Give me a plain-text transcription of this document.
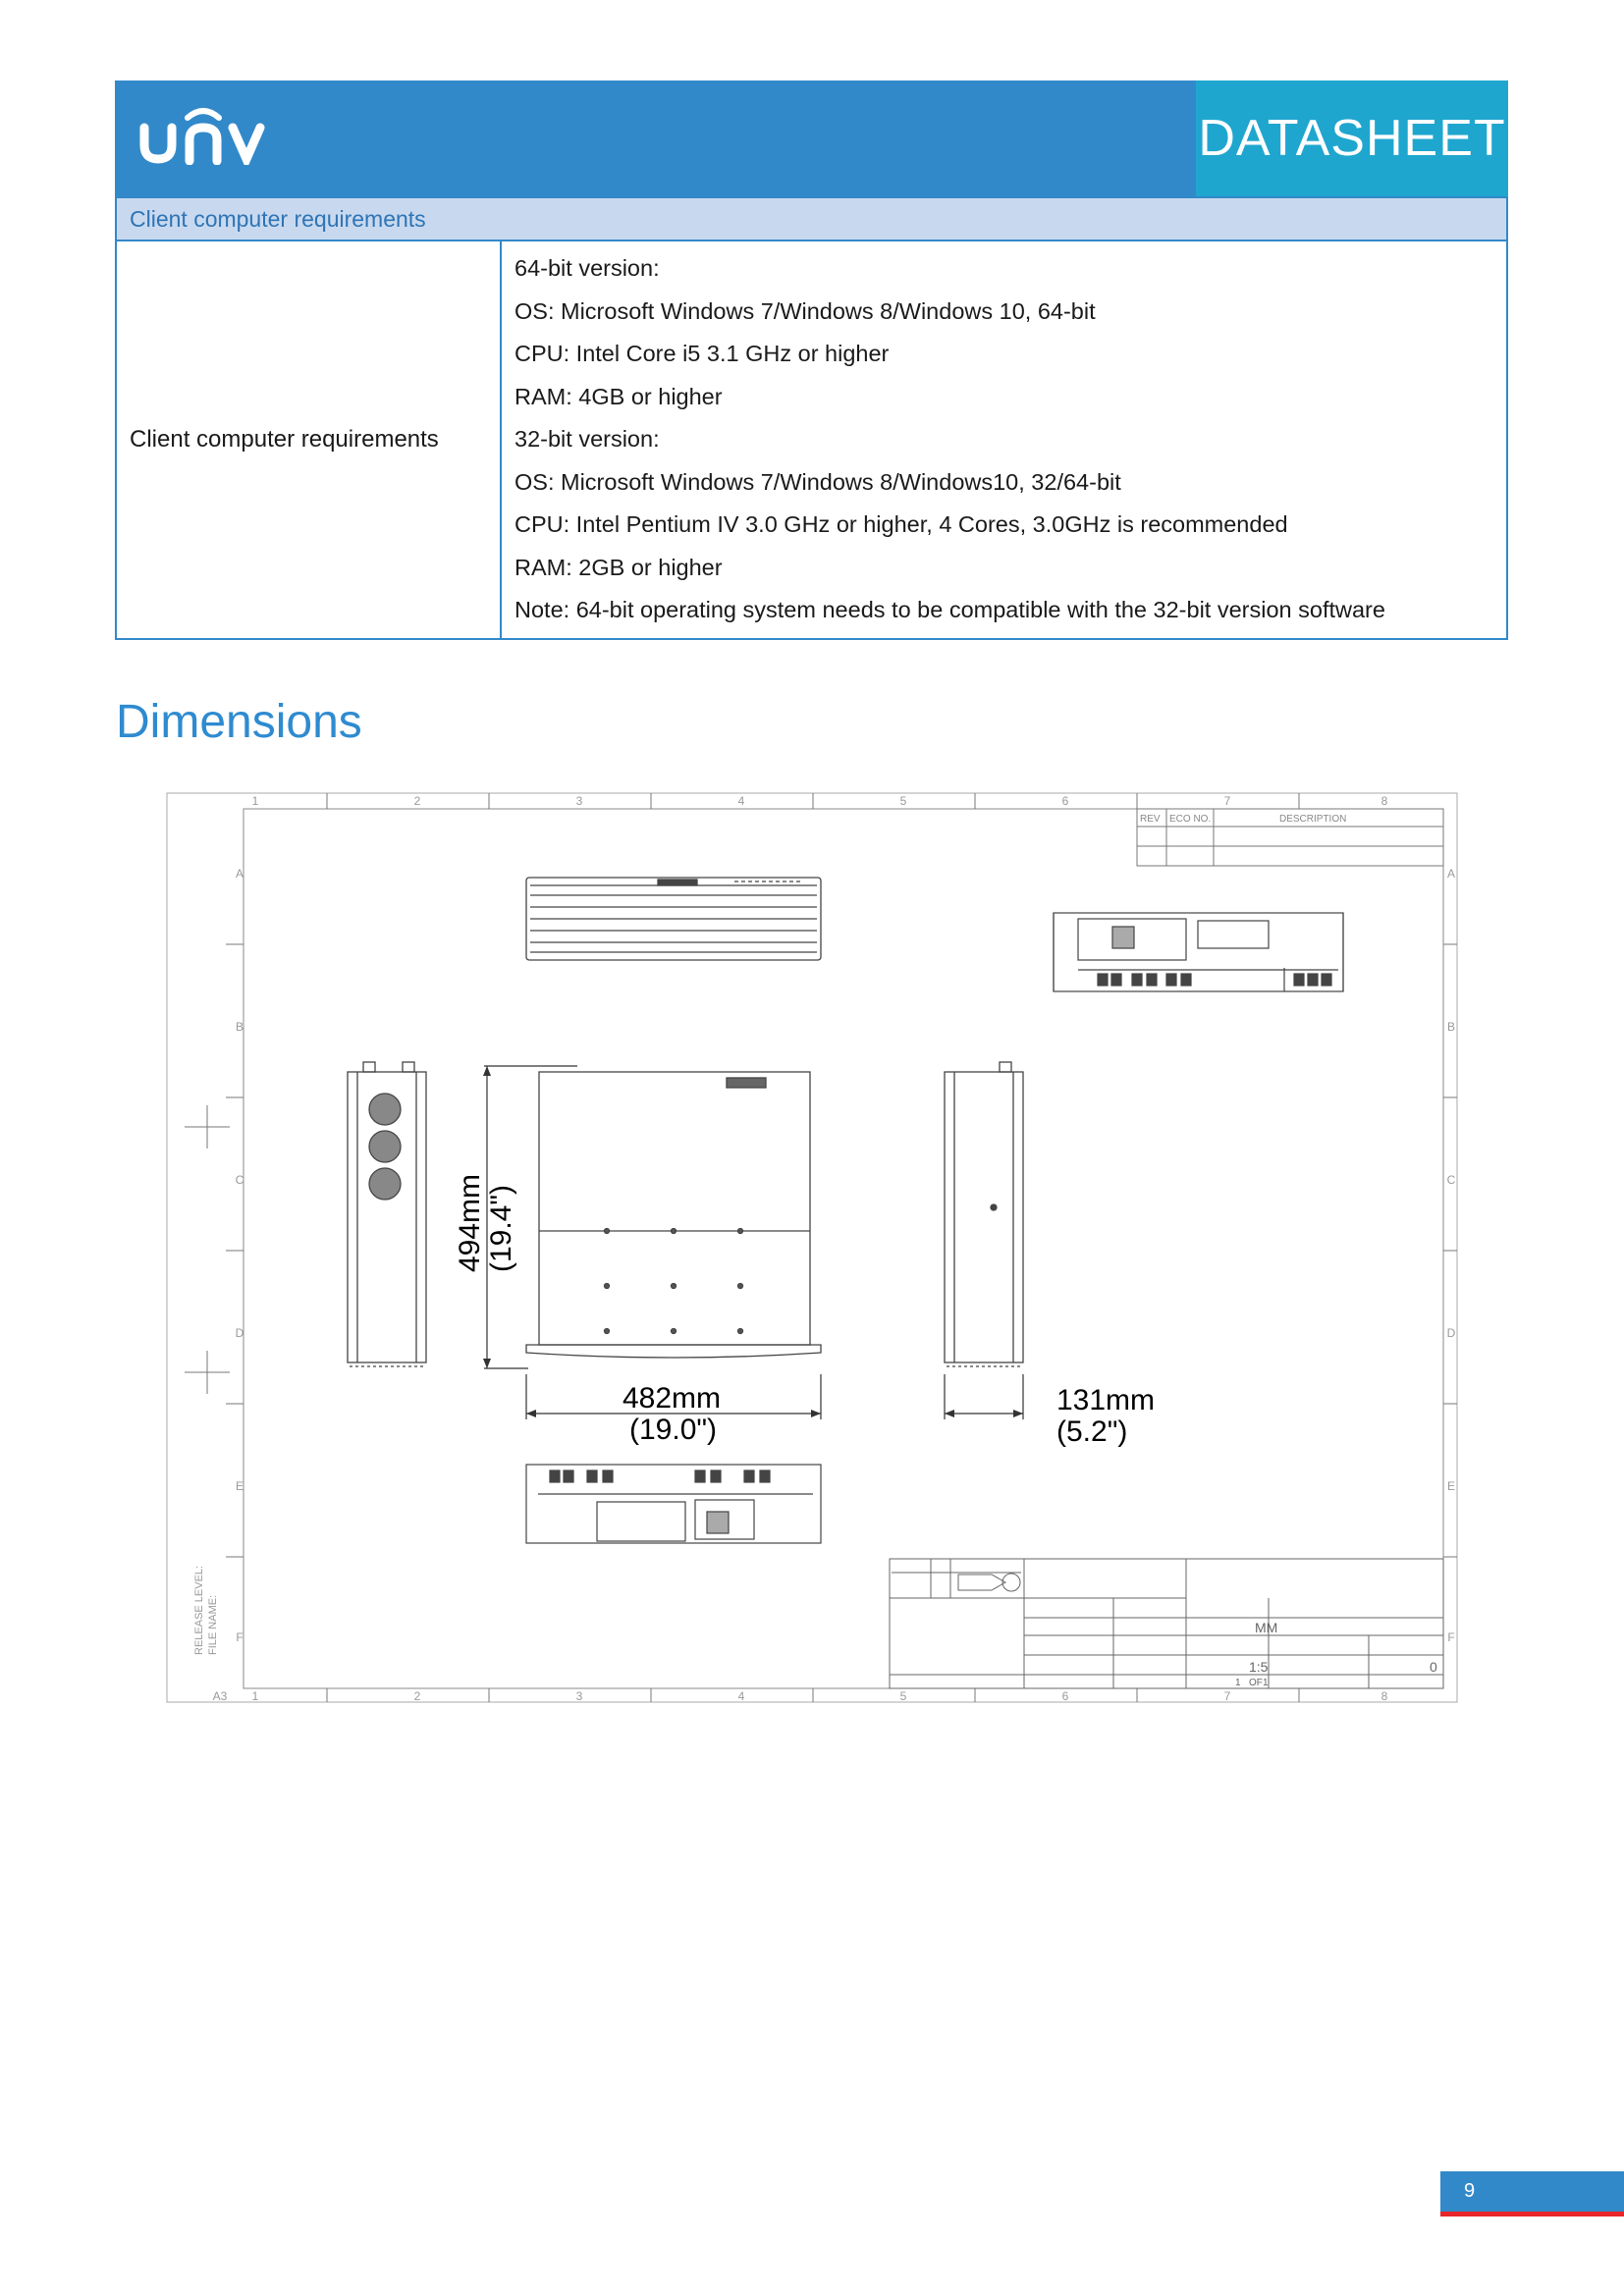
DATASHEET
Client computer requirements
Client computer requirements	
64-bit version:
OS: Microsoft Windows 7/Windows 8/Windows 10, 64-bit
CPU: Intel Core i5 3.1 GHz or higher
RAM: 4GB or higher
32-bit version:
OS: Microsoft Windows 7/Windows 8/Windows10, 32/64-bit
CPU: Intel Pentium IV 3.0 GHz or higher, 4 Cores, 3.0GHz is recommended
RAM: 2GB or higher
Note: 64-bit operating system needs to be compatible with the 32-bit version software
Dimensions
1	2	3	4	5	6	7	8
1	2	3	4	5	6	7	8
A
B
C
D
E
F
A
B
C
D
E
F
A3
REV ECO NO.	DESCRIPTION
RELEASE LEVEL: FILE NAME:
494mm (19.4")
482mm
(19.0")
131mm
(5.2")
1:5
MM
0
1 OF 1
9
